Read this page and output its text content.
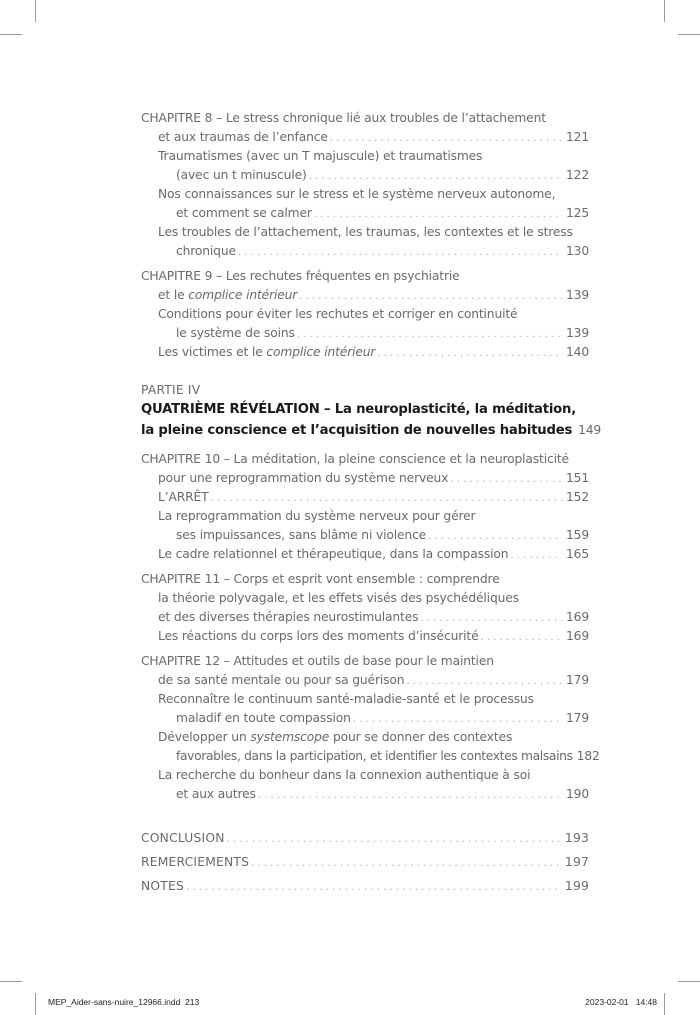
CHAPITRE 8 – Le stress chronique lié aux troubles de l’attachement
et aux traumas de l’enfance . . .	121
Traumatismes (avec un T majuscule) et traumatismes
(avec un t minuscule) . . .	122
Nos connaissances sur le stress et le système nerveux autonome,
et comment se calmer . . .	125
Les troubles de l’attachement, les traumas, les contextes et le stress
chronique . . .	130
CHAPITRE 9 – Les rechutes fréquentes en psychiatrie
et le complice intérieur . . .	139
Conditions pour éviter les rechutes et corriger en continuité
le système de soins . . .	139
Les victimes et le complice intérieur . . .	140
PARTIE IV
QUATRIÈME RÉVÉLATION – La neuroplasticité, la méditation,
la pleine conscience et l’acquisition de nouvelles habitudes 149
CHAPITRE 10 – La méditation, la pleine conscience et la neuroplasticité
pour une reprogrammation du système nerveux . . .	151
L’ARRÊT . . .	152
La reprogrammation du système nerveux pour gérer
ses impuissances, sans blâme ni violence . . .	159
Le cadre relationnel et thérapeutique, dans la compassion . . .	165
CHAPITRE 11 – Corps et esprit vont ensemble : comprendre
la théorie polyvagale, et les effets visés des psychédéliques
et des diverses thérapies neurostimulantes . . .	169
Les réactions du corps lors des moments d’insécurité . . .	169
CHAPITRE 12 – Attitudes et outils de base pour le maintien
de sa santé mentale ou pour sa guérison . . .	179
Reconnaître le continuum santé-maladie-santé et le processus
maladif en toute compassion . . .	179
Développer un systemscope pour se donner des contextes
favorables, dans la participation, et identifier les contextes malsains 182
La recherche du bonheur dans la connexion authentique à soi
et aux autres . . .	190
CONCLUSION . . .	193
REMERCIEMENTS . . .	197
NOTES . . .	199
MEP_Aider-sans-nuire_12966.indd 213	2023-02-01 14:48
